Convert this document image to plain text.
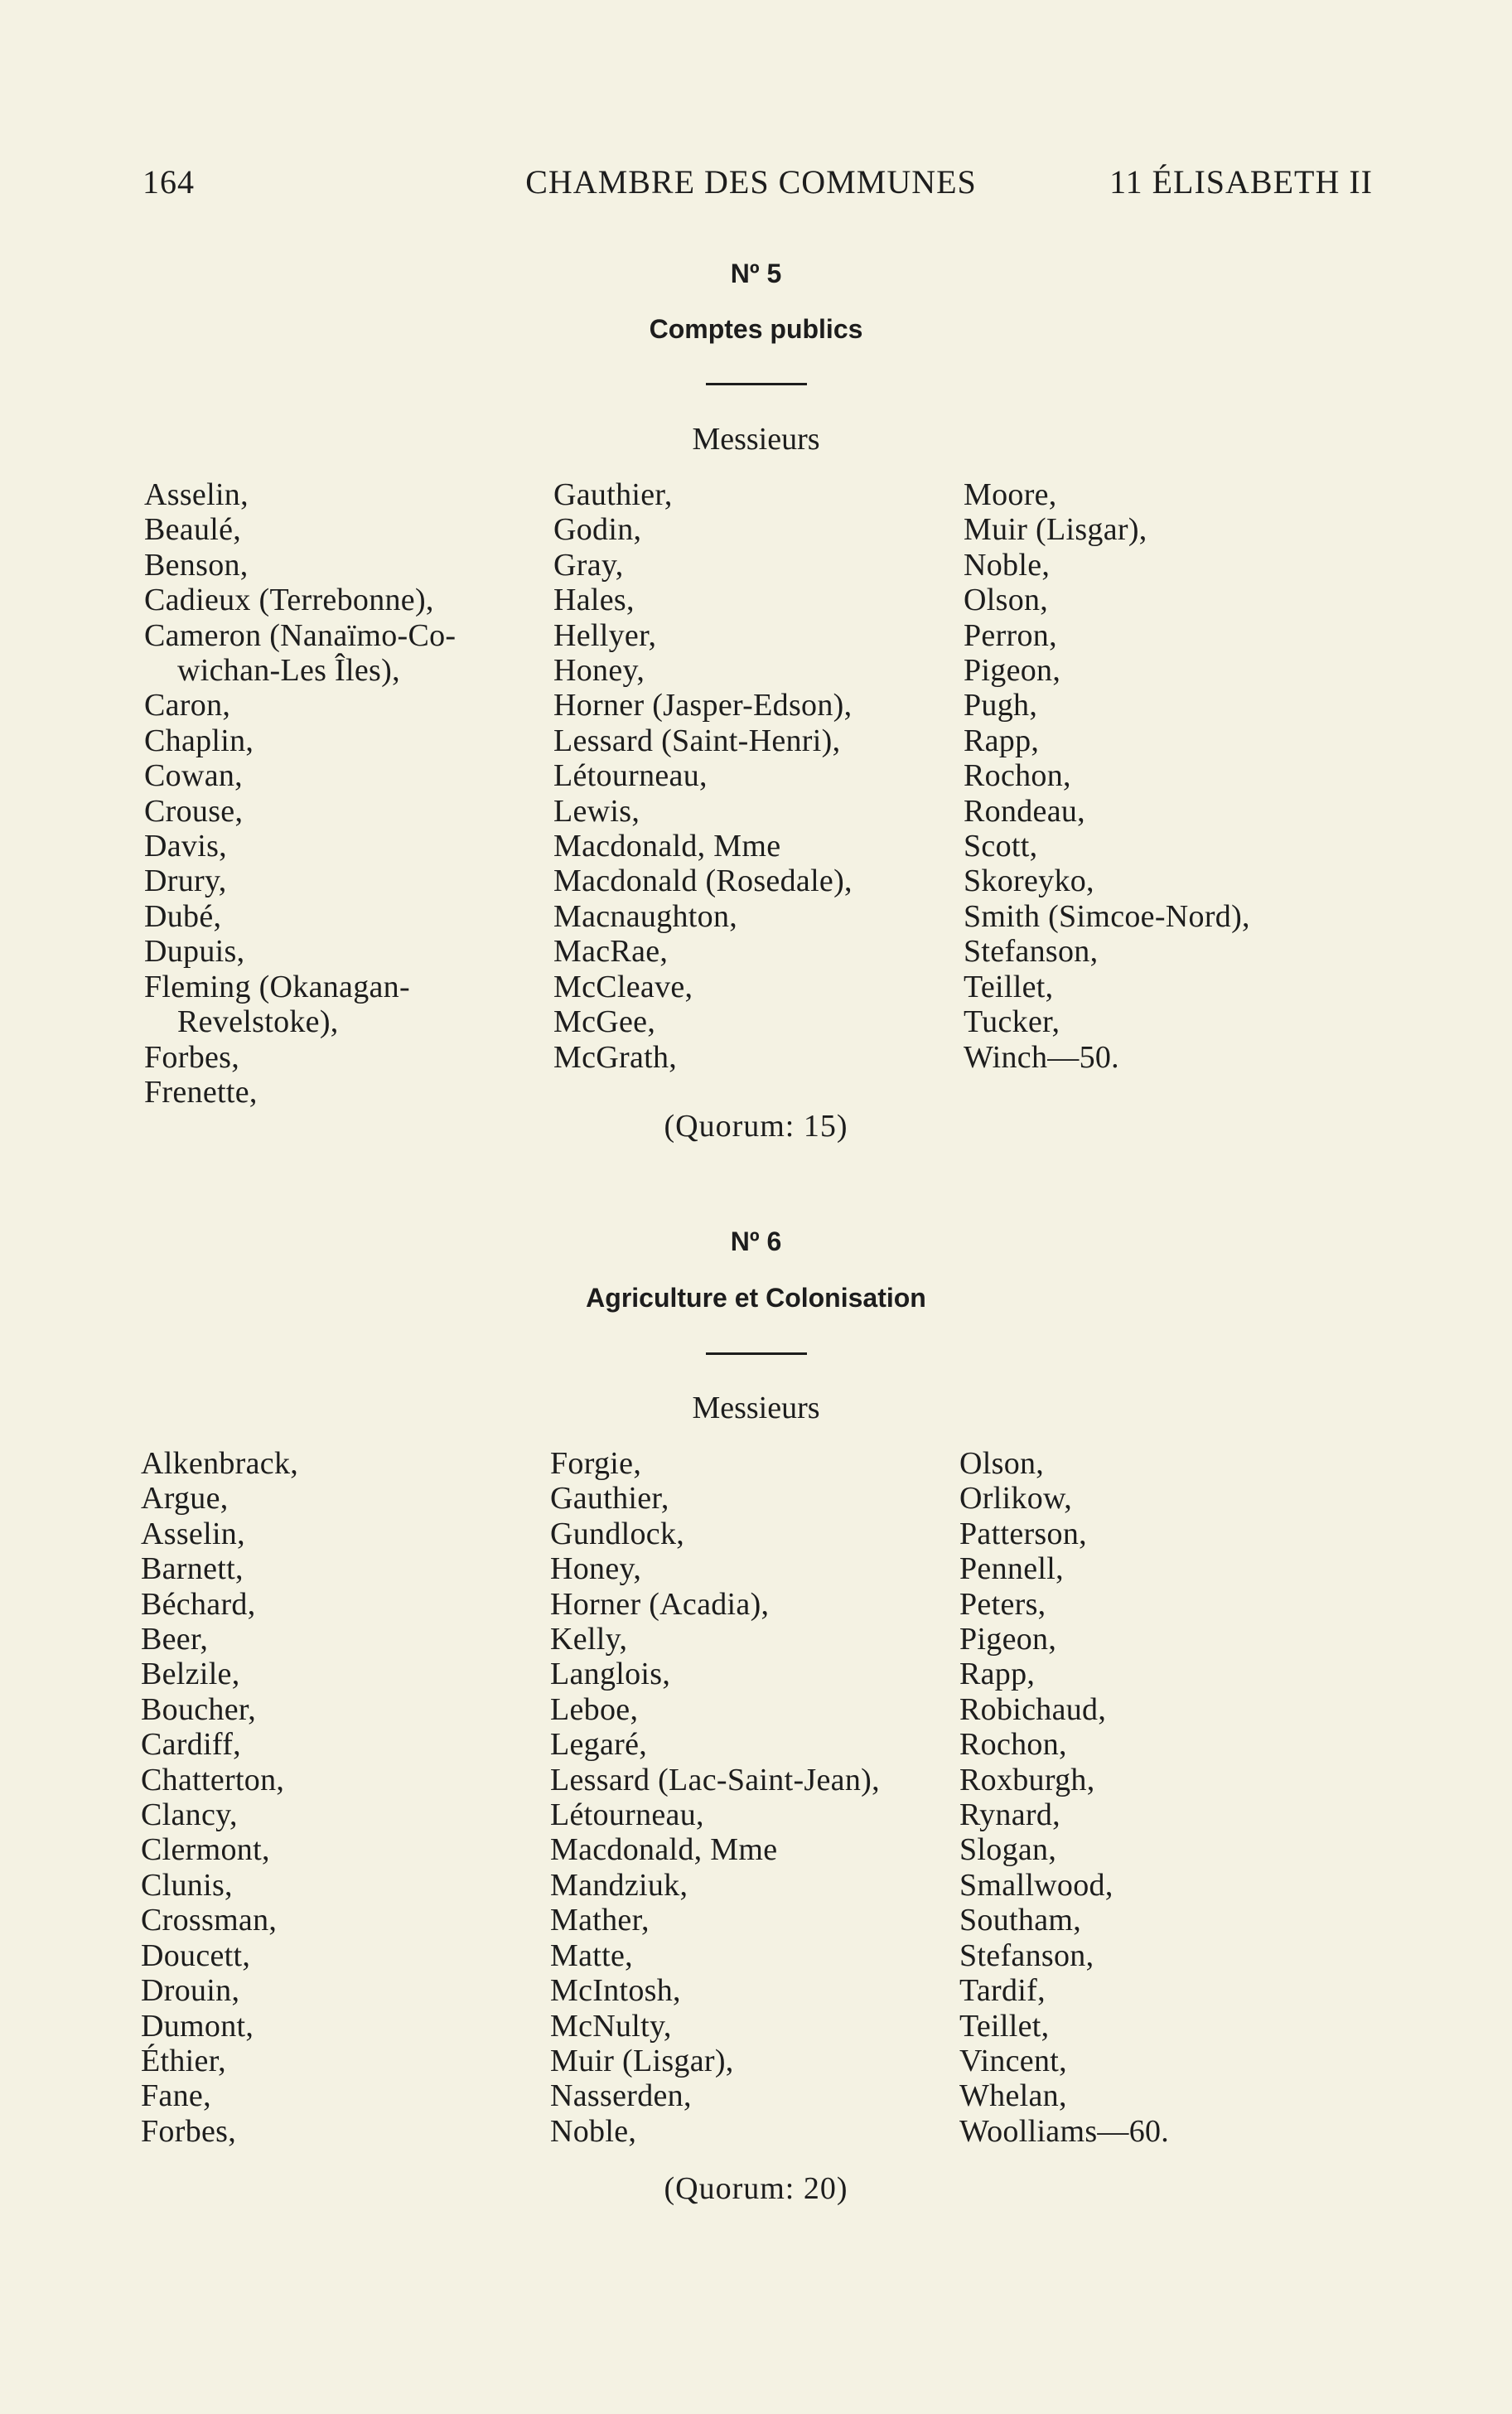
164	CHAMBRE DES COMMUNES	11 ÉLISABETH II
Nº 5
Comptes publics
Messieurs
Asselin,
Beaulé,
Benson,
Cadieux (Terrebonne),
Cameron (Nanaïmo-Co-
wichan-Les Îles),
Caron,
Chaplin,
Cowan,
Crouse,
Davis,
Drury,
Dubé,
Dupuis,
Fleming (Okanagan-
Revelstoke),
Forbes,
Frenette,
Gauthier,
Godin,
Gray,
Hales,
Hellyer,
Honey,
Horner (Jasper-Edson),
Lessard (Saint-Henri),
Létourneau,
Lewis,
Macdonald, Mme
Macdonald (Rosedale),
Macnaughton,
MacRae,
McCleave,
McGee,
McGrath,
Moore,
Muir (Lisgar),
Noble,
Olson,
Perron,
Pigeon,
Pugh,
Rapp,
Rochon,
Rondeau,
Scott,
Skoreyko,
Smith (Simcoe-Nord),
Stefanson,
Teillet,
Tucker,
Winch—50.
(Quorum: 15)
Nº 6
Agriculture et Colonisation
Messieurs
Alkenbrack,
Argue,
Asselin,
Barnett,
Béchard,
Beer,
Belzile,
Boucher,
Cardiff,
Chatterton,
Clancy,
Clermont,
Clunis,
Crossman,
Doucett,
Drouin,
Dumont,
Éthier,
Fane,
Forbes,
Forgie,
Gauthier,
Gundlock,
Honey,
Horner (Acadia),
Kelly,
Langlois,
Leboe,
Legaré,
Lessard (Lac-Saint-Jean),
Létourneau,
Macdonald, Mme
Mandziuk,
Mather,
Matte,
McIntosh,
McNulty,
Muir (Lisgar),
Nasserden,
Noble,
Olson,
Orlikow,
Patterson,
Pennell,
Peters,
Pigeon,
Rapp,
Robichaud,
Rochon,
Roxburgh,
Rynard,
Slogan,
Smallwood,
Southam,
Stefanson,
Tardif,
Teillet,
Vincent,
Whelan,
Woolliams—60.
(Quorum: 20)
